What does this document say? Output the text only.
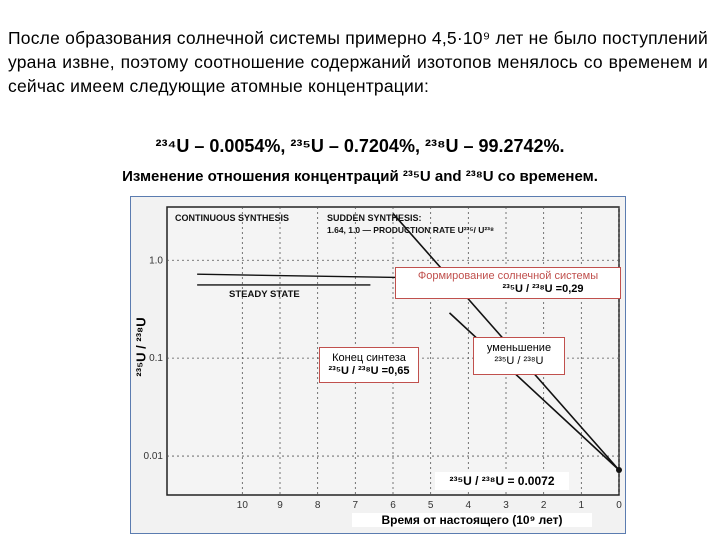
После образования солнечной системы примерно 4,5·10⁹ лет не было поступлений урана извне, поэтому соотношение содержаний изотопов менялось со временем и сейчас имеем следующие атомные концентрации:
²³⁴U – 0.0054%, ²³⁵U – 0.7204%, ²³⁸U – 99.2742%.
Изменение отношения концентраций ²³⁵U and ²³⁸U со временем.
10	9	8	7	6	5	4	3	2	1	0
1.0
0.1
0.01
CONTINUOUS SYNTHESIS	SUDDEN SYNTHESIS:
1.64, 1.0 — PRODUCTION RATE U²³⁵/ U²³⁸
STEADY STATE
Формирование солнечной системы
²³⁵U / ²³⁸U =0,29
Конец синтеза
²³⁵U / ²³⁸U =0,65
уменьшение
²³⁵U / ²³⁸U
²³⁵U / ²³⁸U = 0.0072
²³⁵U / ²³⁸U
Время от настоящего (10⁹ лет)
